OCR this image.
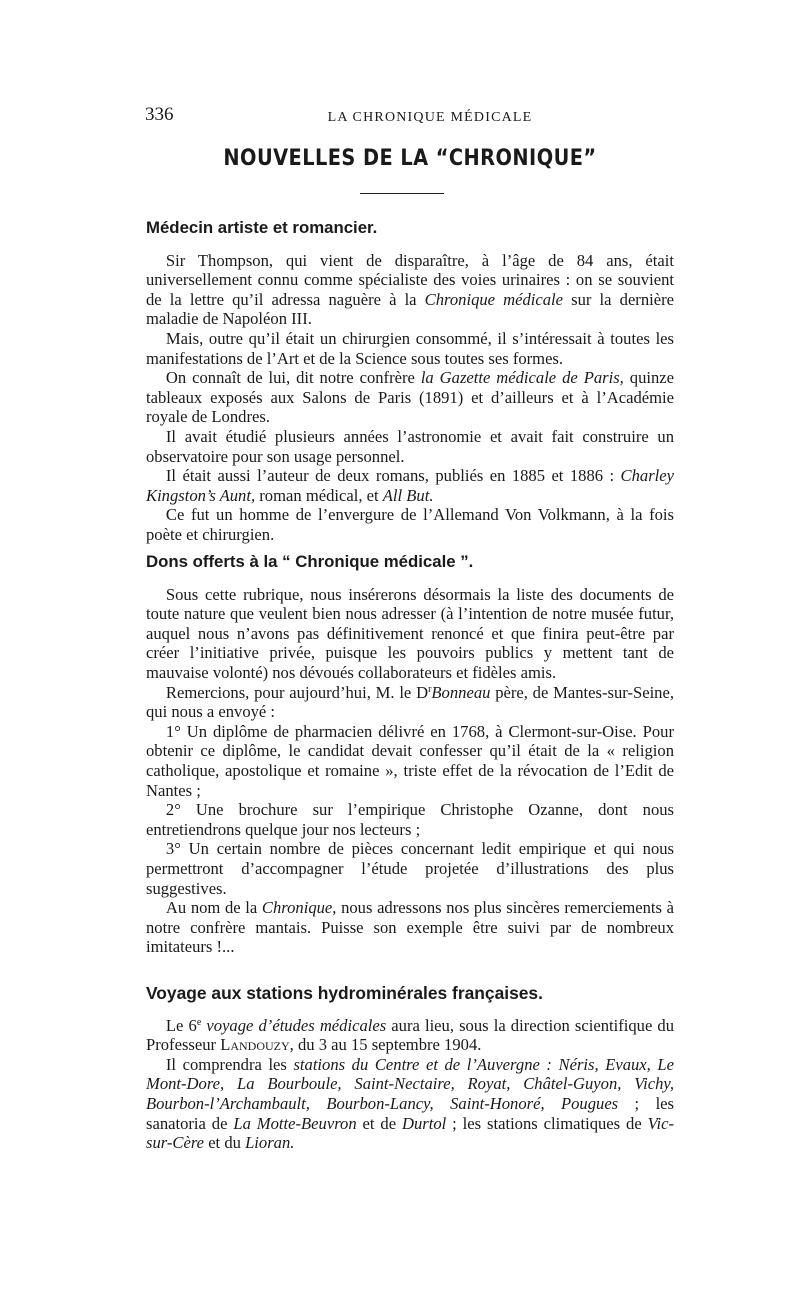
336	LA CHRONIQUE MÉDICALE
NOUVELLES DE LA “CHRONIQUE”

Médecin artiste et romancier.

Sir Thompson, qui vient de disparaître, à l’âge de 84 ans, était universellement connu comme spécialiste des voies urinaires : on se souvient de la lettre qu’il adressa naguère à la Chronique médicale sur la dernière maladie de Napoléon III.

Mais, outre qu’il était un chirurgien consommé, il s’intéressait à toutes les manifestations de l’Art et de la Science sous toutes ses formes.

On connaît de lui, dit notre confrère la Gazette médicale de Paris, quinze tableaux exposés aux Salons de Paris (1891) et d’ailleurs et à l’Académie royale de Londres.

Il avait étudié plusieurs années l’astronomie et avait fait construire un observatoire pour son usage personnel.

Il était aussi l’auteur de deux romans, publiés en 1885 et 1886 : Charley Kingston’s Aunt, roman médical, et All But.

Ce fut un homme de l’envergure de l’Allemand Von Volkmann, à la fois poète et chirurgien.

Dons offerts à la “ Chronique médicale ”.

Sous cette rubrique, nous insérerons désormais la liste des documents de toute nature que veulent bien nous adresser (à l’intention de notre musée futur, auquel nous n’avons pas définitivement renoncé et que finira peut-être par créer l’initiative privée, puisque les pouvoirs publics y mettent tant de mauvaise volonté) nos dévoués collaborateurs et fidèles amis.

Remercions, pour aujourd’hui, M. le $D^rBonneau$ père, de Mantes-sur-Seine, qui nous a envoyé :

1° Un diplôme de pharmacien délivré en 1768, à Clermont-sur-Oise. Pour obtenir ce diplôme, le candidat devait confesser qu’il était de la « religion catholique, apostolique et romaine », triste effet de la révocation de l’Edit de Nantes ;

2° Une brochure sur l’empirique Christophe Ozanne, dont nous entretiendrons quelque jour nos lecteurs ;

3° Un certain nombre de pièces concernant ledit empirique et qui nous permettront d’accompagner l’étude projetée d’illustrations des plus suggestives.

Au nom de la Chronique, nous adressons nos plus sincères remerciements à notre confrère mantais. Puisse son exemple être suivi par de nombreux imitateurs !...

Voyage aux stations hydrominérales françaises.

Le 6e voyage d’études médicales aura lieu, sous la direction scientifique du Professeur Landouzy, du 3 au 15 septembre 1904.

Il comprendra les stations du Centre et de l’Auvergne : Néris, Evaux, Le Mont-Dore, La Bourboule, Saint-Nectaire, Royat, Châtel-Guyon, Vichy, Bourbon-l’Archambault, Bourbon-Lancy, Saint-Honoré, Pougues ; les sanatoria de La Motte-Beuvron et de Durtol ; les stations climatiques de Vic-sur-Cère et du Lioran.
